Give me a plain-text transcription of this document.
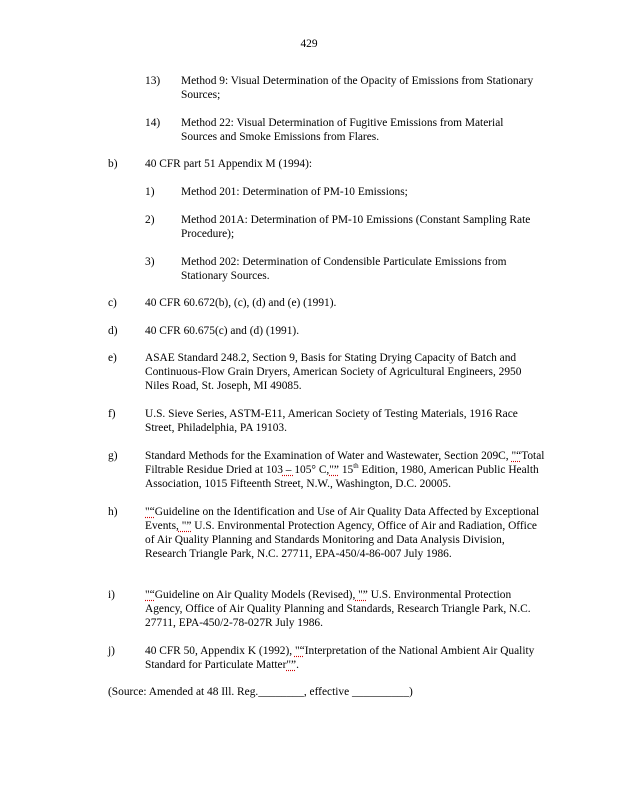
429
13) Method 9: Visual Determination of the Opacity of Emissions from Stationary Sources;
14) Method 22: Visual Determination of Fugitive Emissions from Material Sources and Smoke Emissions from Flares.
b) 40 CFR part 51 Appendix M (1994):
1) Method 201: Determination of PM-10 Emissions;
2) Method 201A: Determination of PM-10 Emissions (Constant Sampling Rate Procedure);
3) Method 202: Determination of Condensible Particulate Emissions from Stationary Sources.
c) 40 CFR 60.672(b), (c), (d) and (e) (1991).
d) 40 CFR 60.675(c) and (d) (1991).
e) ASAE Standard 248.2, Section 9, Basis for Stating Drying Capacity of Batch and Continuous-Flow Grain Dryers, American Society of Agricultural Engineers, 2950 Niles Road, St. Joseph, MI 49085.
f)	U.S. Sieve Series, ASTM-E11, American Society of Testing Materials, 1916 Race Street, Philadelphia, PA 19103.
g) Standard Methods for the Examination of Water and Wastewater, Section 209C, "“Total Filtrable Residue Dried at 103 – 105° C,"” 15th Edition, 1980, American Public Health Association, 1015 Fifteenth Street, N.W., Washington, D.C. 20005.
h) "“Guideline on the Identification and Use of Air Quality Data Affected by Exceptional Events, "” U.S. Environmental Protection Agency, Office of Air and Radiation, Office of Air Quality Planning and Standards Monitoring and Data Analysis Division, Research Triangle Park, N.C. 27711, EPA-450/4-86-007 July 1986.
i)	"“Guideline on Air Quality Models (Revised), "” U.S. Environmental Protection Agency, Office of Air Quality Planning and Standards, Research Triangle Park, N.C. 27711, EPA-450/2-78-027R July 1986.
j)	40 CFR 50, Appendix K (1992), "“Interpretation of the National Ambient Air Quality Standard for Particulate Matter"”.
(Source: Amended at 48 Ill. Reg.________, effective __________)
